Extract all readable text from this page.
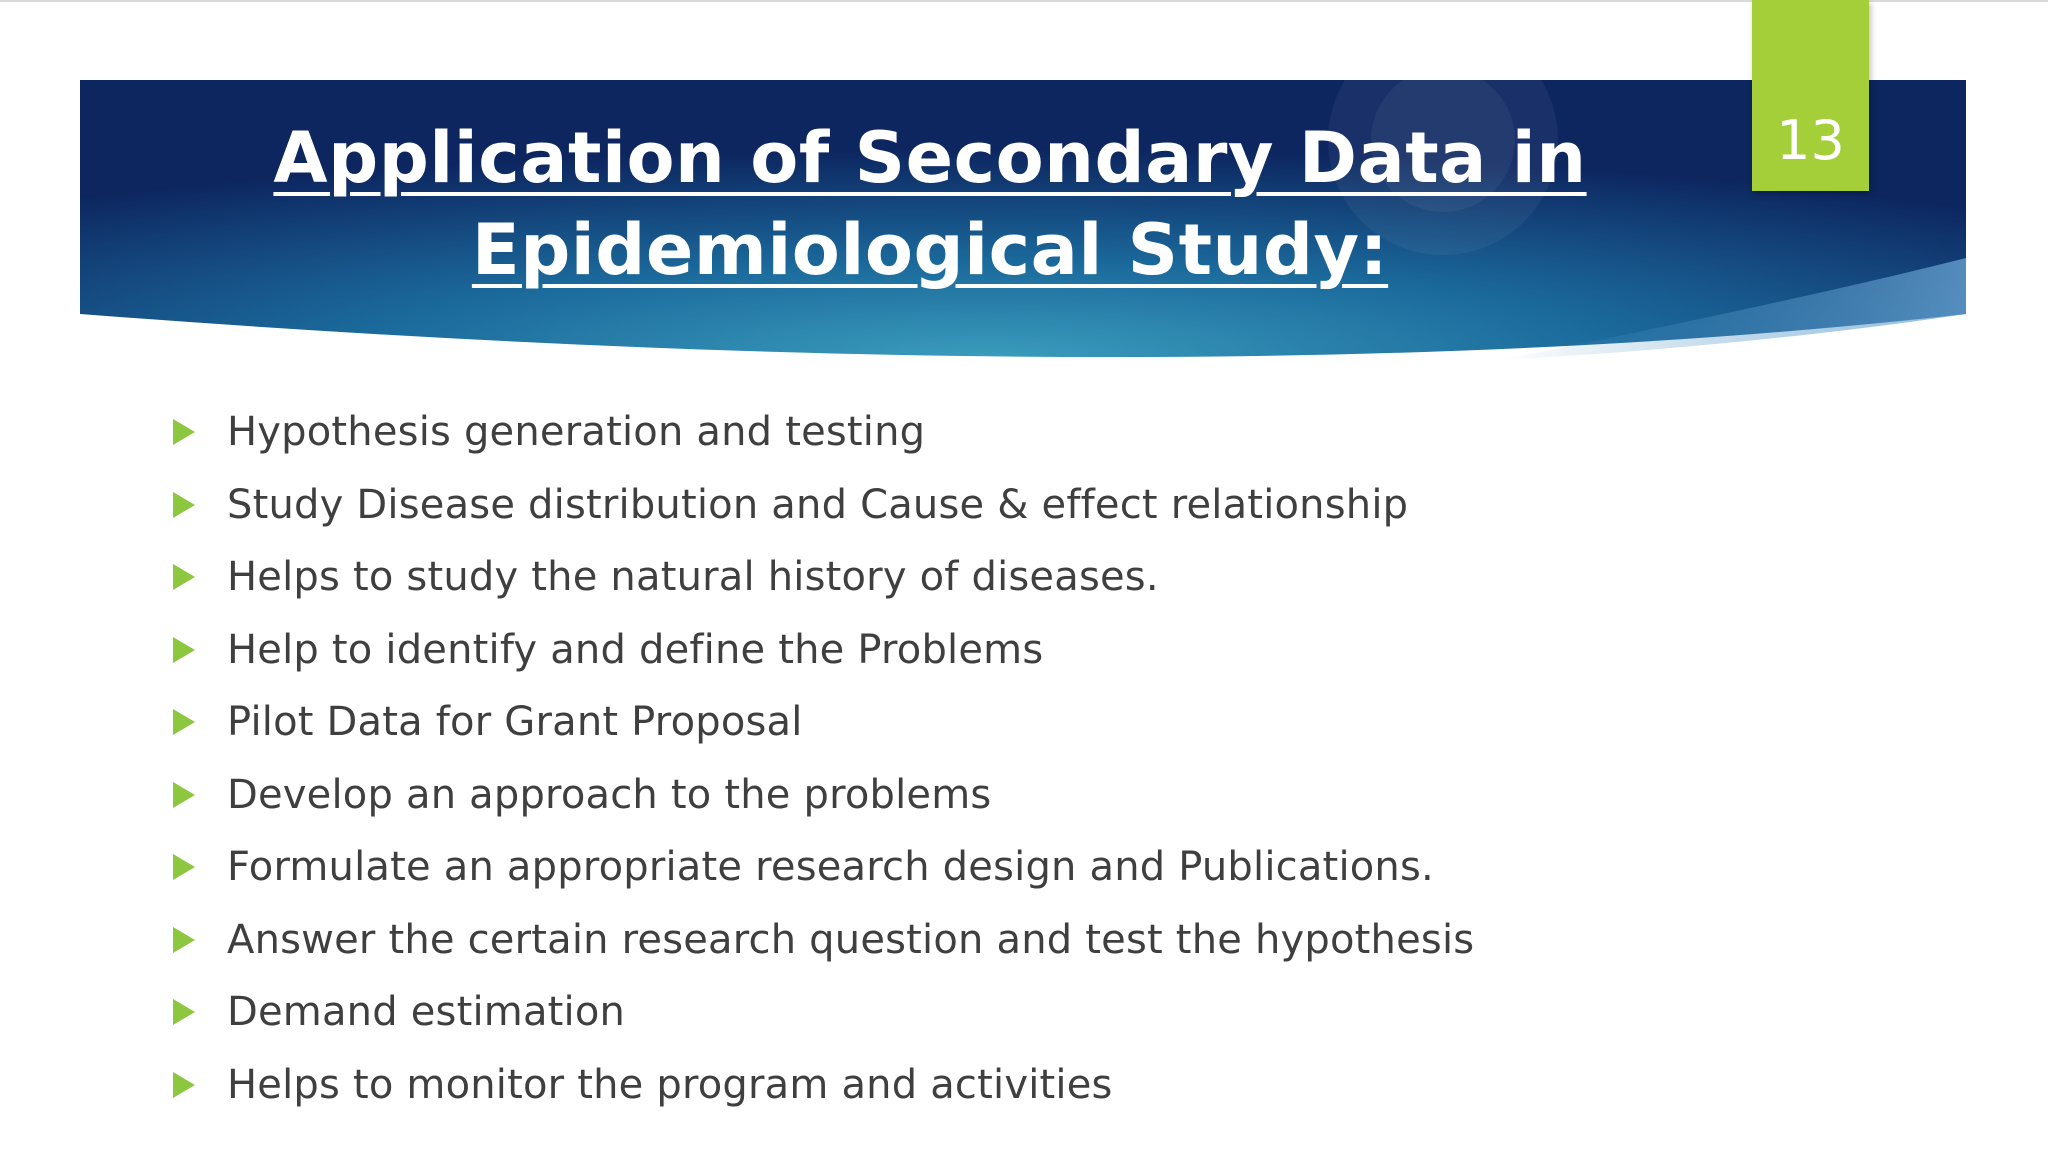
Application of Secondary Data in
Epidemiological Study:
13
Hypothesis generation and testing
Study Disease distribution and Cause & effect relationship
Helps to study the natural history of diseases.
Help to identify and define the Problems
Pilot Data for Grant Proposal
Develop an approach to the problems
Formulate an appropriate research design and Publications.
Answer the certain research question and test the hypothesis
Demand estimation
Helps to monitor the program and activities
